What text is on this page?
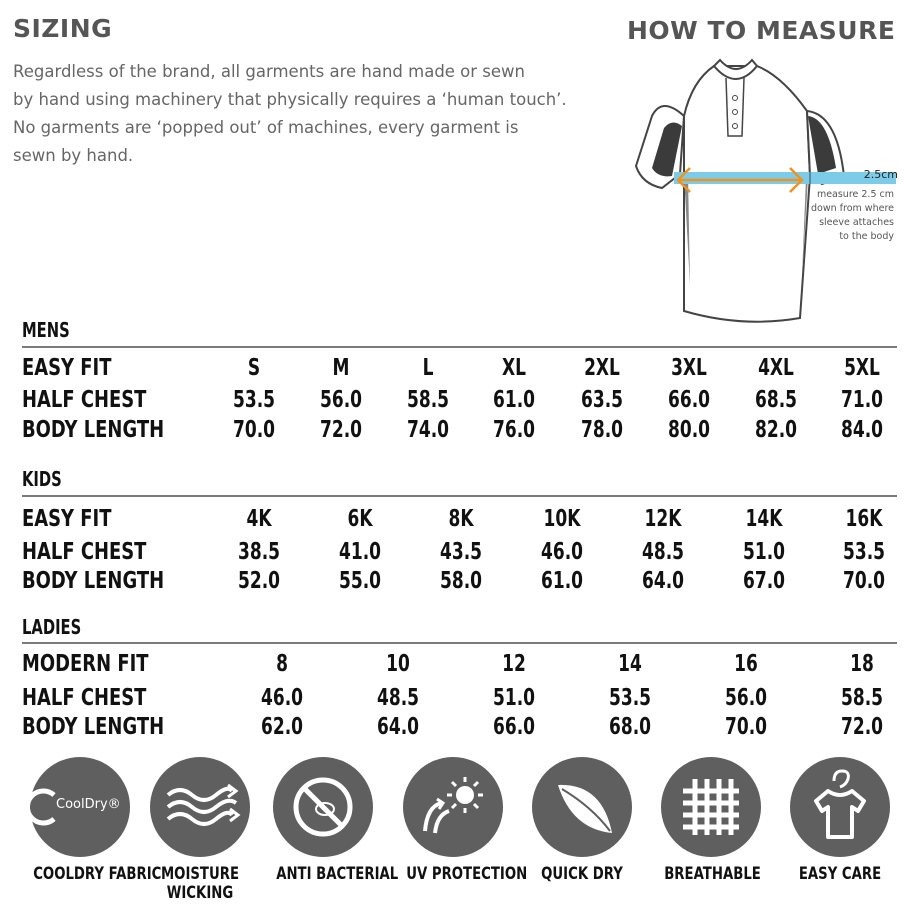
SIZING	HOW TO MEASURE

Regardless of the brand, all garments are hand made or sewn

by hand using machinery that physically requires a ‘human touch’.

No garments are ‘popped out’ of machines, every garment is

sewn by hand.

2.5cm
measure 2.5 cm
down from where
sleeve attaches
to the body
MENS
EASY FIT	S	M	L	XL	2XL 3XL 4XL 5XL
HALF CHEST	53.5 56.0 58.5 61.0 63.5 66.0 68.5 71.0
BODY LENGTH	70.0 72.0 74.0 76.0 78.0 80.0 82.0 84.0
KIDS
EASY FIT	4K	6K	8K	10K	12K	14K	16K
HALF CHEST	38.5	41.0	43.5	46.0	48.5	51.0	53.5
BODY LENGTH	52.0	55.0	58.0	61.0	64.0	67.0	70.0
LADIES
MODERN FIT	8	10	12	14	16	18
HALF CHEST	46.0	48.5	51.0	53.5	56.0	58.5
BODY LENGTH	62.0	64.0	66.0	68.0	70.0	72.0
CoolDry®
COOLDRY FABRIC MOISTURE
WICKING
ANTI BACTERIAL UV PROTECTION QUICK DRY	BREATHABLE	EASY CARE
